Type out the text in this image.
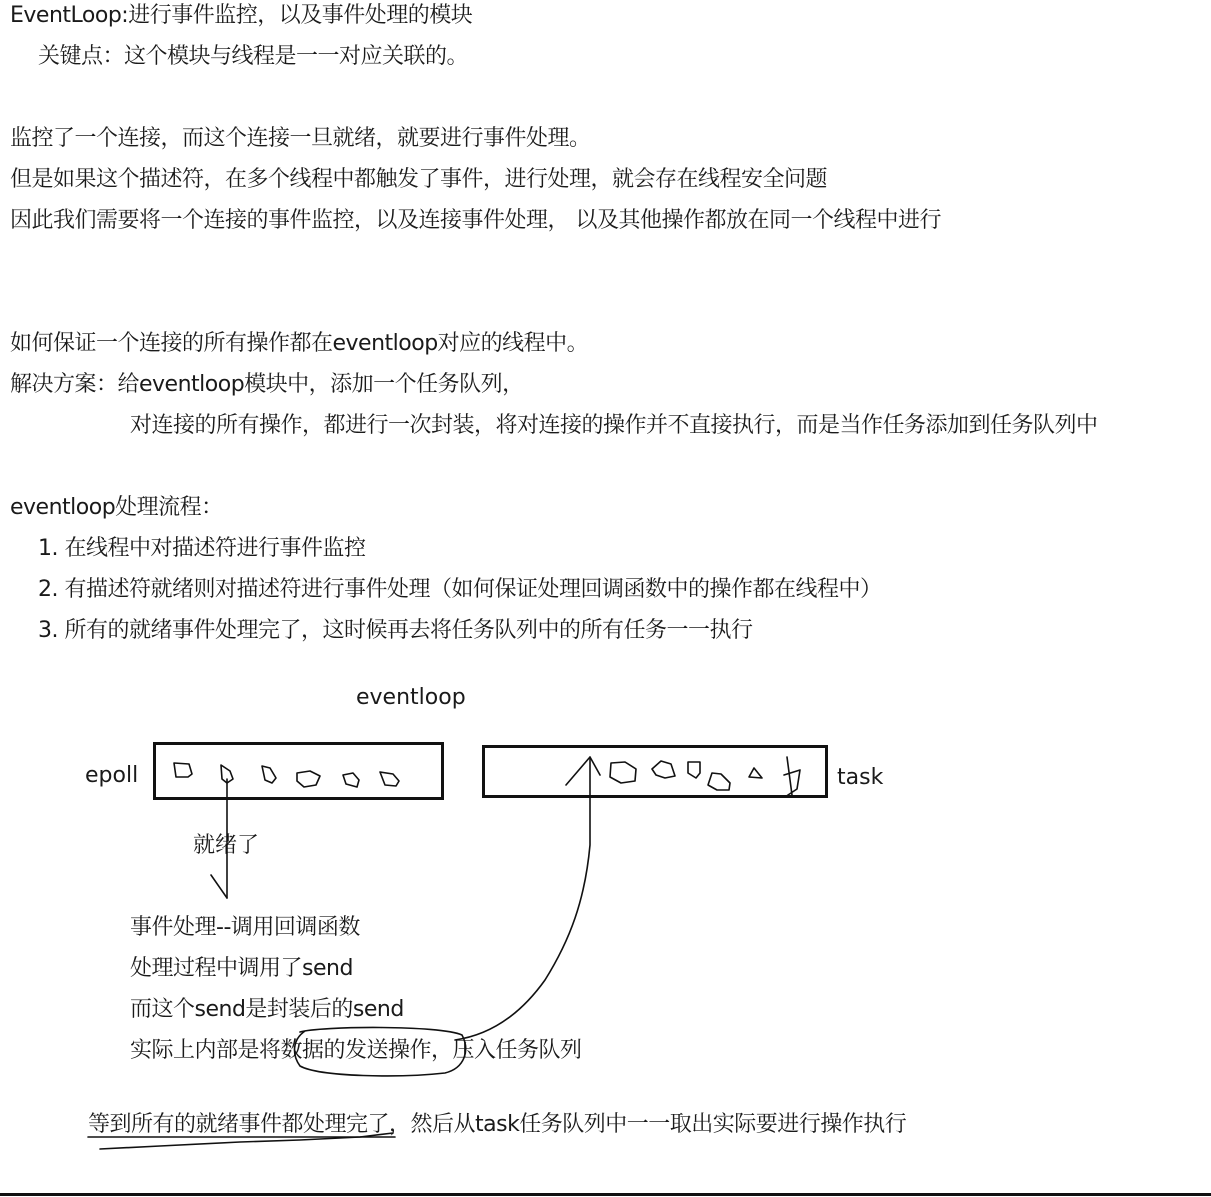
EventLoop:进行事件监控，以及事件处理的模块
关键点：这个模块与线程是一一对应关联的。
监控了一个连接，而这个连接一旦就绪，就要进行事件处理。
但是如果这个描述符，在多个线程中都触发了事件，进行处理，就会存在线程安全问题
因此我们需要将一个连接的事件监控，以及连接事件处理， 以及其他操作都放在同一个线程中进行
如何保证一个连接的所有操作都在eventloop对应的线程中。
解决方案：给eventloop模块中，添加一个任务队列，
对连接的所有操作，都进行一次封装，将对连接的操作并不直接执行，而是当作任务添加到任务队列中
eventloop处理流程：
1. 在线程中对描述符进行事件监控
2. 有描述符就绪则对描述符进行事件处理（如何保证处理回调函数中的操作都在线程中）
3. 所有的就绪事件处理完了，这时候再去将任务队列中的所有任务一一执行
eventloop
epoll	task
就绪了
事件处理--调用回调函数
处理过程中调用了send
而这个send是封装后的send
实际上内部是将数据的发送操作，压入任务队列
等到所有的就绪事件都处理完了，然后从task任务队列中一一取出实际要进行操作执行
